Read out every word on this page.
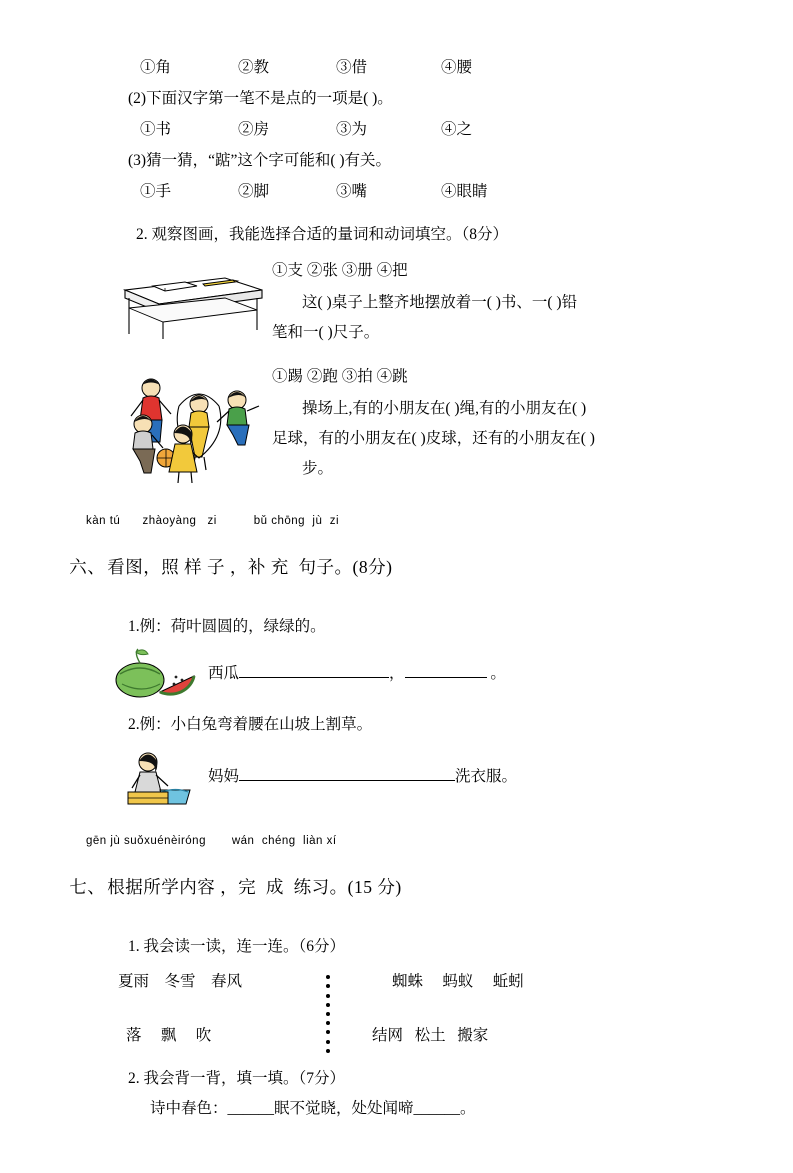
①角	②教	③借	④腰
(2)下面汉字第一笔不是点的一项是( )。
①书	②房	③为	④之
(3)猜一猜，“踮”这个字可能和( )有关。
①手	②脚	③嘴	④眼睛
2. 观察图画，我能选择合适的量词和动词填空。（8分）
①支 ②张 ③册 ④把
这( )桌子上整齐地摆放着一( )书、一( )铅
笔和一( )尺子。
①踢 ②跑 ③拍 ④跳
操场上,有的小朋友在( )绳,有的小朋友在( )
足球，有的小朋友在( )皮球，还有的小朋友在( )
步。
kàn tú      zhàoyàng   zi          bǔ chōng  jù  zi

六、 看图，照 样 子 ，补 充  句子。(8分)

1.例：荷叶圆圆的，绿绿的。
西瓜	，	。
2.例：小白兔弯着腰在山坡上割草。
妈妈	洗衣服。
gēn jù suǒxuénèiróng       wán  chéng  liàn xí

七、 根据所学内容 ，完  成  练习。(15 分)

1. 我会读一读，连一连。（6分）
夏雨    冬雪    春风
落     飘     吹
蜘蛛     蚂蚁     蚯蚓
结网   松土   搬家
2. 我会背一背，填一填。（7分）
诗中春色：______眠不觉晓，处处闻啼______。
